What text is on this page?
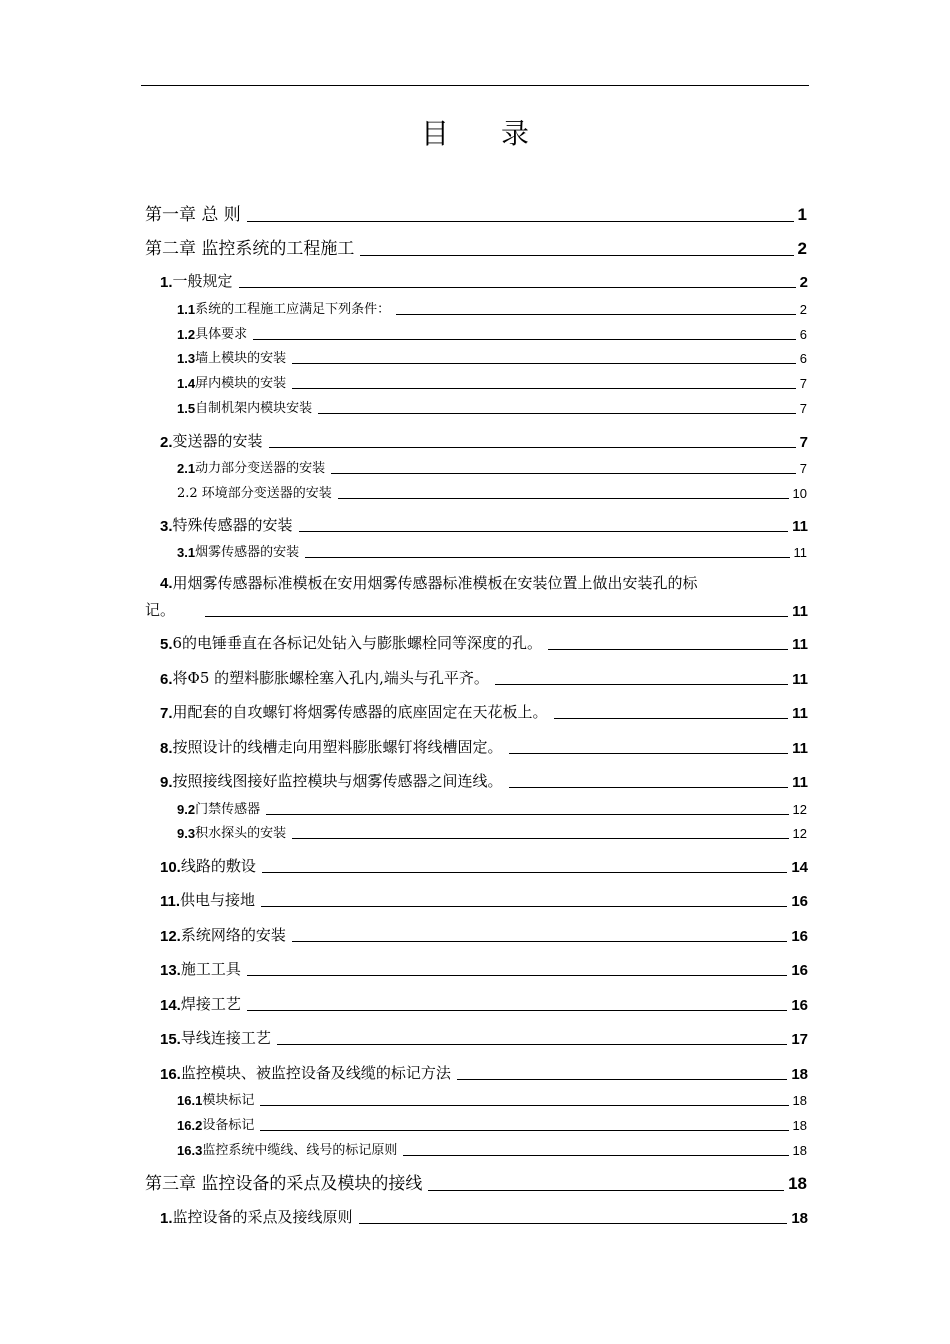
目 录
第一章 总 则	1
第二章 监控系统的工程施工	2
1. 一般规定	2
1.1 系统的工程施工应满足下列条件：	2
1.2 具体要求	6
1.3 墙上模块的安装	6
1.4 屏内模块的安装	7
1.5 自制机架内模块安装	7
2. 变送器的安装	7
2.1 动力部分变送器的安装	7
2.2 环境部分变送器的安装	10
3. 特殊传感器的安装	11
3.1 烟雾传感器的安装	11
4.用烟雾传感器标准模板在安用烟雾传感器标准模板在安装位置上做出安装孔的标
记。	11
5. 6的电锤垂直在各标记处钻入与膨胀螺栓同等深度的孔。	11
6. 将Φ5 的塑料膨胀螺栓塞入孔内,端头与孔平齐。	11
7. 用配套的自攻螺钉将烟雾传感器的底座固定在天花板上。	11
8. 按照设计的线槽走向用塑料膨胀螺钉将线槽固定。	11
9. 按照接线图接好监控模块与烟雾传感器之间连线。	11
9.2 门禁传感器	12
9.3 积水探头的安装	12
10. 线路的敷设	14
11. 供电与接地	16
12. 系统网络的安装	16
13. 施工工具	16
14. 焊接工艺	16
15. 导线连接工艺	17
16. 监控模块、被监控设备及线缆的标记方法	18
16.1 模块标记	18
16.2 设备标记	18
16.3 监控系统中缆线、线号的标记原则	18
第三章 监控设备的采点及模块的接线	18
1. 监控设备的采点及接线原则	18
